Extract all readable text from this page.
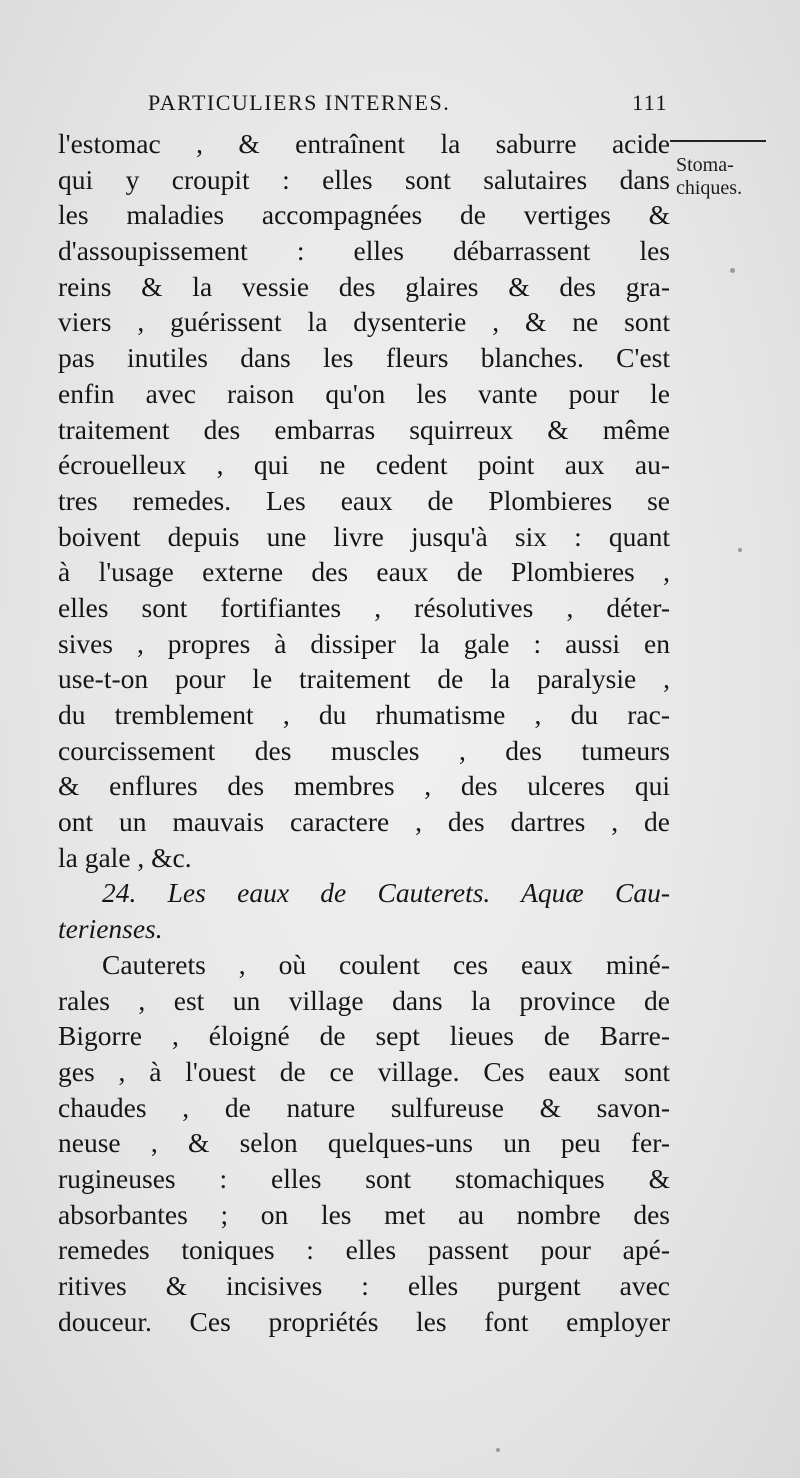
PARTICULIERS INTERNES.	111
Stoma-
chiques.
l'estomac , & entraînent la saburre acide
qui y croupit : elles sont salutaires dans
les maladies accompagnées de vertiges &
d'assoupissement : elles débarrassent les
reins & la vessie des glaires & des gra-
viers , guérissent la dysenterie , & ne sont
pas inutiles dans les fleurs blanches. C'est
enfin avec raison qu'on les vante pour le
traitement des embarras squirreux & même
écrouelleux , qui ne cedent point aux au-
tres remedes. Les eaux de Plombieres se
boivent depuis une livre jusqu'à six : quant
à l'usage externe des eaux de Plombieres ,
elles sont fortifiantes , résolutives , déter-
sives , propres à dissiper la gale : aussi en
use-t-on pour le traitement de la paralysie ,
du tremblement , du rhumatisme , du rac-
courcissement des muscles , des tumeurs
& enflures des membres , des ulceres qui
ont un mauvais caractere , des dartres , de
la gale , &c.
24. Les eaux de Cauterets. Aquæ Cau-
terienses.
Cauterets , où coulent ces eaux miné-
rales , est un village dans la province de
Bigorre , éloigné de sept lieues de Barre-
ges , à l'ouest de ce village. Ces eaux sont
chaudes , de nature sulfureuse & savon-
neuse , & selon quelques-uns un peu fer-
rugineuses : elles sont stomachiques &
absorbantes ; on les met au nombre des
remedes toniques : elles passent pour apé-
ritives & incisives : elles purgent avec
douceur. Ces propriétés les font employer
